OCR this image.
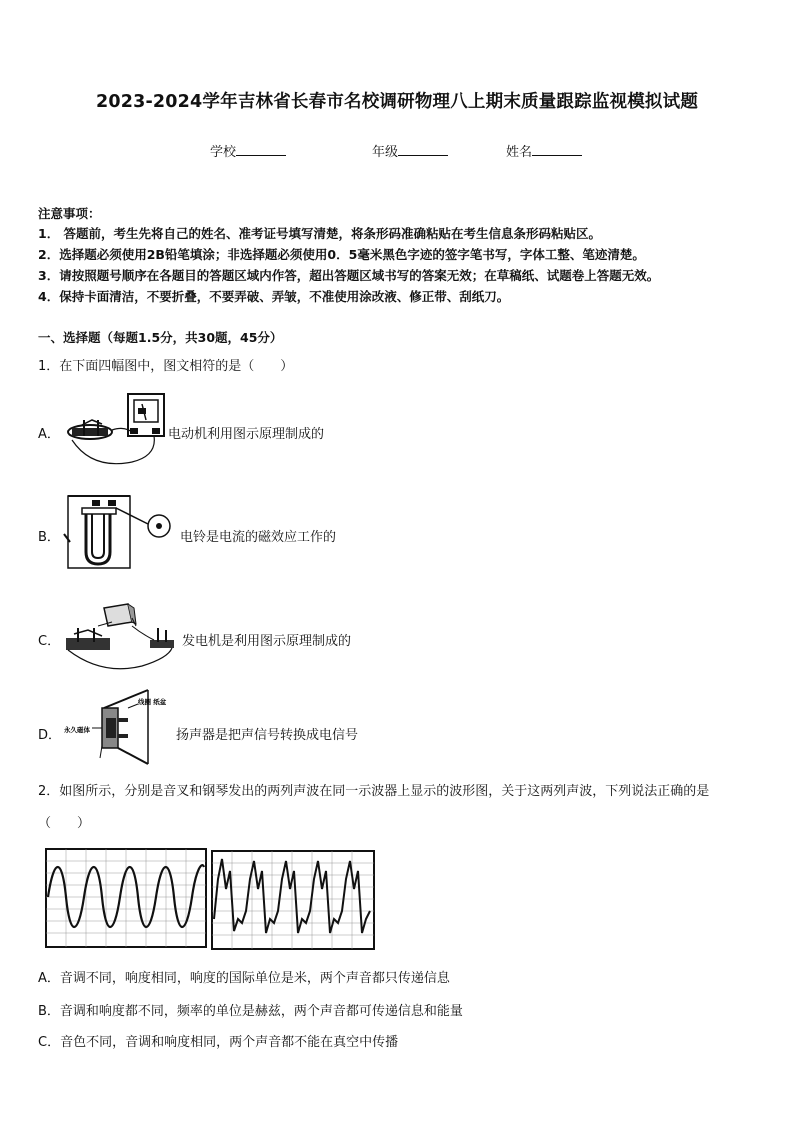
2023-2024学年吉林省长春市名校调研物理八上期末质量跟踪监视模拟试题
学校	年级	姓名
注意事项：
1． 答题前，考生先将自己的姓名、准考证号填写清楚，将条形码准确粘贴在考生信息条形码粘贴区。
2．选择题必须使用2B铅笔填涂；非选择题必须使用0．5毫米黑色字迹的签字笔书写，字体工整、笔迹清楚。
3．请按照题号顺序在各题目的答题区域内作答，超出答题区域书写的答案无效；在草稿纸、试题卷上答题无效。
4．保持卡面清洁，不要折叠，不要弄破、弄皱，不准使用涂改液、修正带、刮纸刀。
一、选择题（每题1.5分，共30题，45分）
1．在下面四幅图中，图文相符的是（　　）
A．	电动机利用图示原理制成的
B．	电铃是电流的磁效应工作的
C．	发电机是利用图示原理制成的
D． 永久磁体
线圈 纸盆
扬声器是把声信号转换成电信号
2．如图所示，分别是音叉和钢琴发出的两列声波在同一示波器上显示的波形图，关于这两列声波，下列说法正确的是
（　　）
A．音调不同，响度相同，响度的国际单位是米，两个声音都只传递信息
B．音调和响度都不同，频率的单位是赫兹，两个声音都可传递信息和能量
C．音色不同，音调和响度相同，两个声音都不能在真空中传播
